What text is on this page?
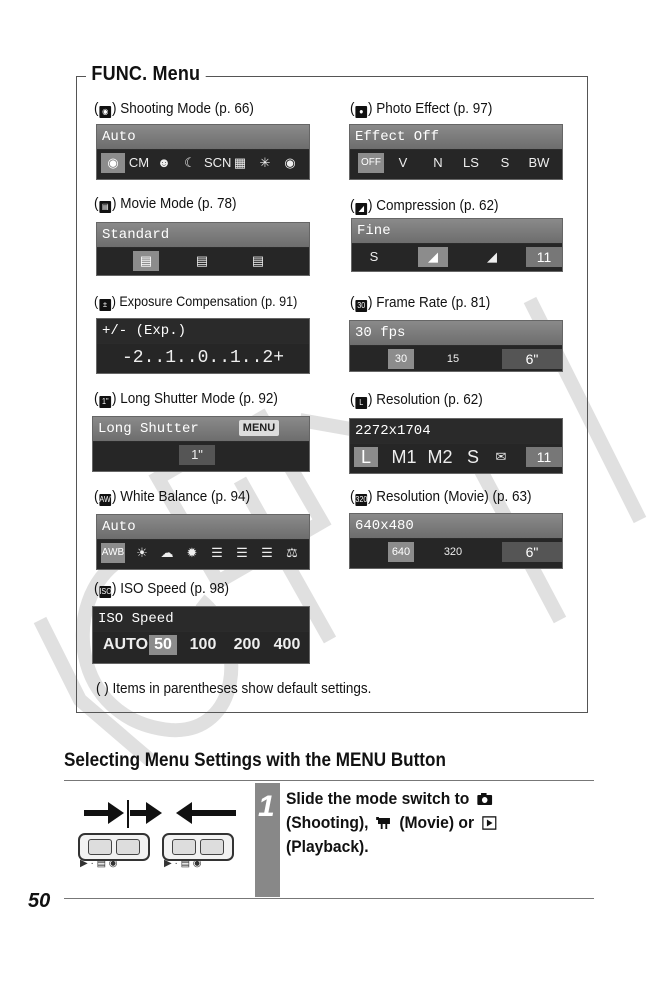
FUNC. Menu
( ◉ ) Shooting Mode (p. 66)	( ● ) Photo Effect (p. 97)
Auto
◉ CM ☻	☾ SCN ▦	✳	◉
Effect Off
OFF	V	N	LS	S	BW
( ▤ ) Movie Mode (p. 78)	( ◢ ) Compression (p. 62)
Standard
▤	▤	▤
Fine
S	◢	◢	11
( ± ) Exposure Compensation (p. 91)	( 30 ) Frame Rate (p. 81)
+/- (Exp.)
-2..1..0..1..2+
30 fps
30	15	6"
( 1" ) Long Shutter Mode (p. 92)	( L ) Resolution (p. 62)
Long Shutter	MENU
1"
2272x1704
L	M1 M2 S	✉	11
(AWB) White Balance (p. 94)	(320) Resolution (Movie) (p. 63)
Auto
AWB ☀ ☁	✹	☰	☰	☰	⚖
640x480
640	320	6"
(ISO) ISO Speed (p. 98)
ISO Speed
AUTO 50	100 200 400
( ) Items in parentheses show default settings.
Selecting Menu Settings with the MENU Button
▶ · ▤ ◉	▶ · ▤ ◉
1 Slide the mode switch to
(Shooting), (Movie) or
(Playback).
50
